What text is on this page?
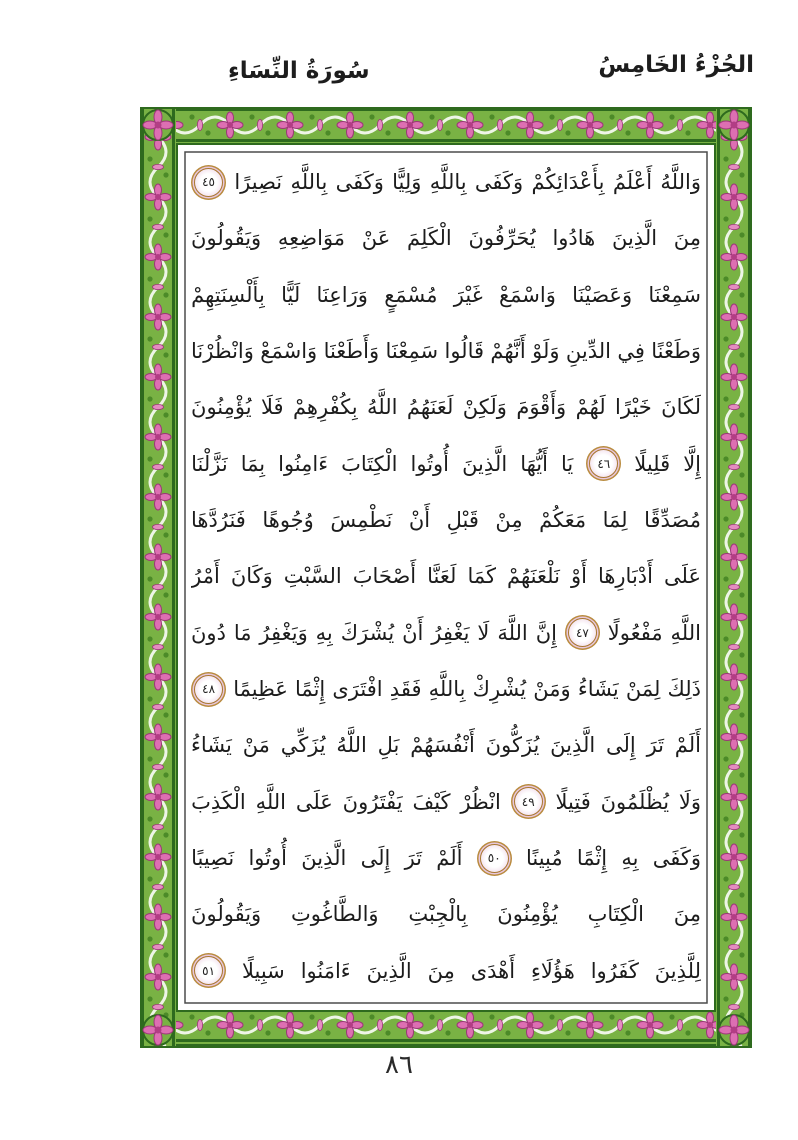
الجُزْءُ الخَامِسُ
سُورَةُ النِّسَاءِ
وَاللَّهُ
أَعْلَمُ
بِأَعْدَائِكُمْ
وَكَفَى
بِاللَّهِ
وَلِيًّا
وَكَفَى
بِاللَّهِ
نَصِيرًا
٤٥
مِنَ
الَّذِينَ
هَادُوا
يُحَرِّفُونَ
الْكَلِمَ
عَنْ
مَوَاضِعِهِ
وَيَقُولُونَ
سَمِعْنَا
وَعَصَيْنَا
وَاسْمَعْ
غَيْرَ
مُسْمَعٍ
وَرَاعِنَا
لَيًّا
بِأَلْسِنَتِهِمْ
وَطَعْنًا
فِي
الدِّينِ
وَلَوْ
أَنَّهُمْ
قَالُوا
سَمِعْنَا
وَأَطَعْنَا
وَاسْمَعْ
وَانْظُرْنَا
لَكَانَ
خَيْرًا
لَهُمْ
وَأَقْوَمَ
وَلَكِنْ
لَعَنَهُمُ
اللَّهُ
بِكُفْرِهِمْ
فَلَا
يُؤْمِنُونَ
إِلَّا
قَلِيلًا
٤٦
يَا
أَيُّهَا
الَّذِينَ
أُوتُوا
الْكِتَابَ
ءَامِنُوا
بِمَا
نَزَّلْنَا
مُصَدِّقًا
لِمَا
مَعَكُمْ
مِنْ
قَبْلِ
أَنْ
نَطْمِسَ
وُجُوهًا
فَنَرُدَّهَا
عَلَى
أَدْبَارِهَا
أَوْ
نَلْعَنَهُمْ
كَمَا
لَعَنَّا
أَصْحَابَ
السَّبْتِ
وَكَانَ
أَمْرُ
اللَّهِ
مَفْعُولًا
٤٧
إِنَّ
اللَّهَ
لَا
يَغْفِرُ
أَنْ
يُشْرَكَ
بِهِ
وَيَغْفِرُ
مَا
دُونَ
ذَلِكَ
لِمَنْ
يَشَاءُ
وَمَنْ
يُشْرِكْ
بِاللَّهِ
فَقَدِ
افْتَرَى
إِثْمًا
عَظِيمًا
٤٨
أَلَمْ
تَرَ
إِلَى
الَّذِينَ
يُزَكُّونَ
أَنْفُسَهُمْ
بَلِ
اللَّهُ
يُزَكِّي
مَنْ
يَشَاءُ
وَلَا
يُظْلَمُونَ
فَتِيلًا
٤٩
انْظُرْ
كَيْفَ
يَفْتَرُونَ
عَلَى
اللَّهِ
الْكَذِبَ
وَكَفَى
بِهِ
إِثْمًا
مُبِينًا
٥٠
أَلَمْ
تَرَ
إِلَى
الَّذِينَ
أُوتُوا
نَصِيبًا
مِنَ
الْكِتَابِ
يُؤْمِنُونَ
بِالْجِبْتِ
وَالطَّاغُوتِ
وَيَقُولُونَ
لِلَّذِينَ
كَفَرُوا
هَؤُلَاءِ
أَهْدَى
مِنَ
الَّذِينَ
ءَامَنُوا
سَبِيلًا
٥١
٨٦
